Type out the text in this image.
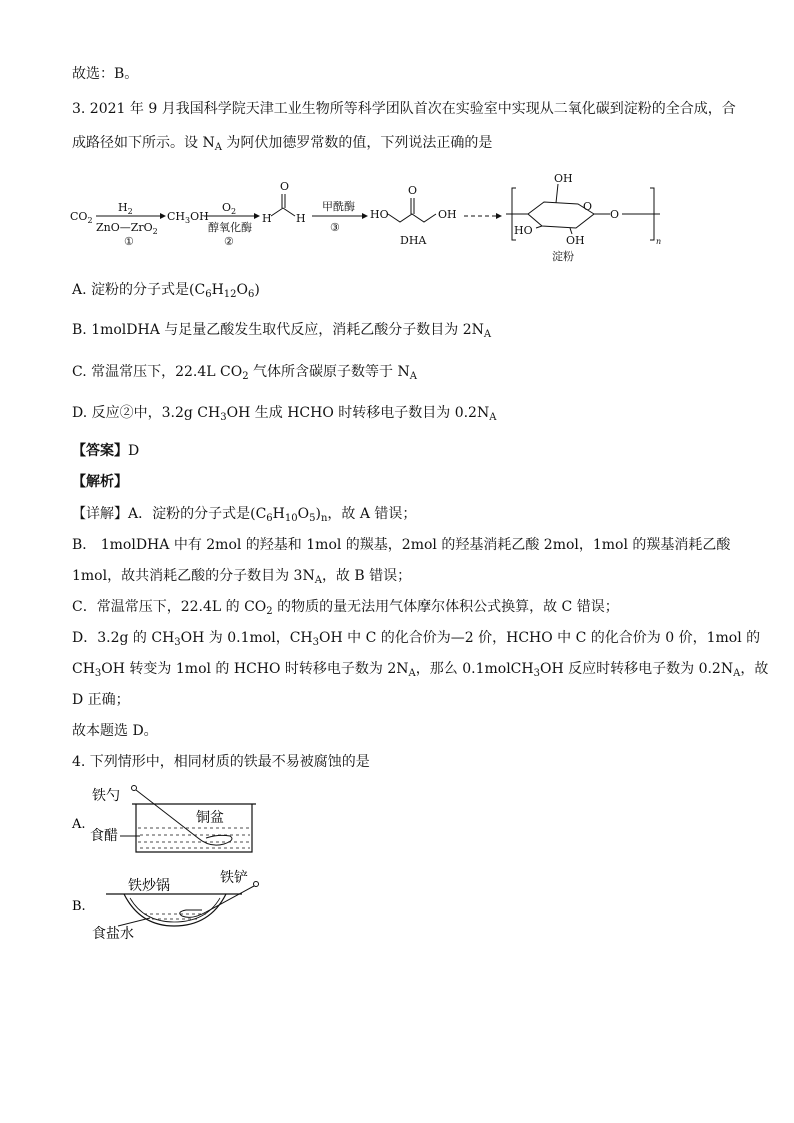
故选：B。
3. 2021 年 9 月我国科学院天津工业生物所等科学团队首次在实验室中实现从二氧化碳到淀粉的全合成，合
成路径如下所示。设 $N_A$ 为阿伏加德罗常数的值，下列说法正确的是
$CO_2$
$H_2$
ZnO—ZrO$_2$
①
$CH_3OH$
$O_2$
醇氧化酶
②
O
H H
甲酰酶
③
HO
O
OH
DHA
OH
O
O
HO
OH	n
淀粉
A. 淀粉的分子式是$(C_6H_{12}O_6)$
B. 1molDHA 与足量乙酸发生取代反应，消耗乙酸分子数目为 $2N_A$
C. 常温常压下，22.4L $CO_2$ 气体所含碳原子数等于 $N_A$
D. 反应②中，3.2g $CH_3OH$ 生成 HCHO 时转移电子数目为 $0.2N_A$
【答案】D
【解析】
【详解】A．淀粉的分子式是$(C_6H_{10}O_5)_n$，故 A 错误；
B． 1molDHA 中有 2mol 的羟基和 1mol 的羰基，2mol 的羟基消耗乙酸 2mol，1mol 的羰基消耗乙酸
1mol，故共消耗乙酸的分子数目为 $3N_A$，故 B 错误；
C．常温常压下，22.4L 的 $CO_2$ 的物质的量无法用气体摩尔体积公式换算，故 C 错误；
D．3.2g 的 $CH_3OH$ 为 0.1mol，$CH_3OH$ 中 C 的化合价为—2 价，HCHO 中 C 的化合价为 0 价，1mol 的
$CH_3OH$ 转变为 1mol 的 HCHO 时转移电子数为 $2N_A$，那么 0.1molCH$_3$OH 反应时转移电子数为 $0.2N_A$，故
D 正确；
故本题选 D。
4. 下列情形中，相同材质的铁最不易被腐蚀的是
A.
铁勺
食醋
铜盆
B.
铁炒锅	铁铲
食盐水
